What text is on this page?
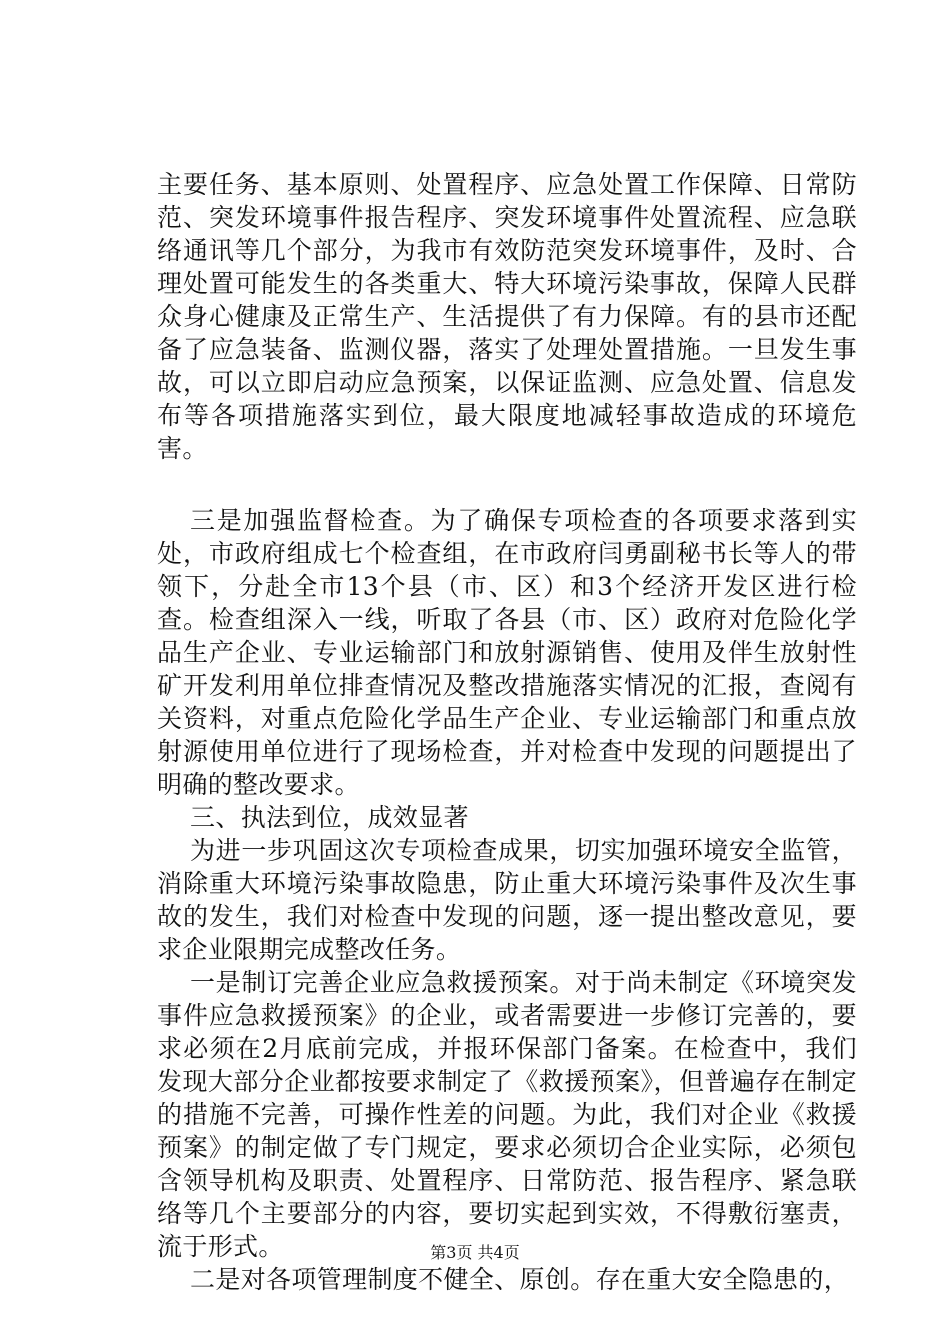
主要任务、基本原则、处置程序、应急处置工作保障、日常防范、突发环境事件报告程序、突发环境事件处置流程、应急联络通讯等几个部分，为我市有效防范突发环境事件，及时、合理处置可能发生的各类重大、特大环境污染事故，保障人民群众身心健康及正常生产、生活提供了有力保障。有的县市还配备了应急装备、监测仪器，落实了处理处置措施。一旦发生事故，可以立即启动应急预案，以保证监测、应急处置、信息发布等各项措施落实到位，最大限度地减轻事故造成的环境危害。

三是加强监督检查。为了确保专项检查的各项要求落到实处，市政府组成七个检查组，在市政府闫勇副秘书长等人的带领下，分赴全市13个县（市、区）和3个经济开发区进行检查。检查组深入一线，听取了各县（市、区）政府对危险化学品生产企业、专业运输部门和放射源销售、使用及伴生放射性矿开发利用单位排查情况及整改措施落实情况的汇报，查阅有关资料，对重点危险化学品生产企业、专业运输部门和重点放射源使用单位进行了现场检查，并对检查中发现的问题提出了明确的整改要求。

三、执法到位，成效显著

为进一步巩固这次专项检查成果，切实加强环境安全监管，消除重大环境污染事故隐患，防止重大环境污染事件及次生事故的发生，我们对检查中发现的问题，逐一提出整改意见，要求企业限期完成整改任务。

一是制订完善企业应急救援预案。对于尚未制定《环境突发事件应急救援预案》的企业，或者需要进一步修订完善的，要求必须在2月底前完成，并报环保部门备案。在检查中，我们发现大部分企业都按要求制定了《救援预案》，但普遍存在制定的措施不完善，可操作性差的问题。为此，我们对企业《救援预案》的制定做了专门规定，要求必须切合企业实际，必须包含领导机构及职责、处置程序、日常防范、报告程序、紧急联络等几个主要部分的内容，要切实起到实效，不得敷衍塞责，流于形式。

二是对各项管理制度不健全、原创。存在重大安全隐患的，

第3页 共4页
